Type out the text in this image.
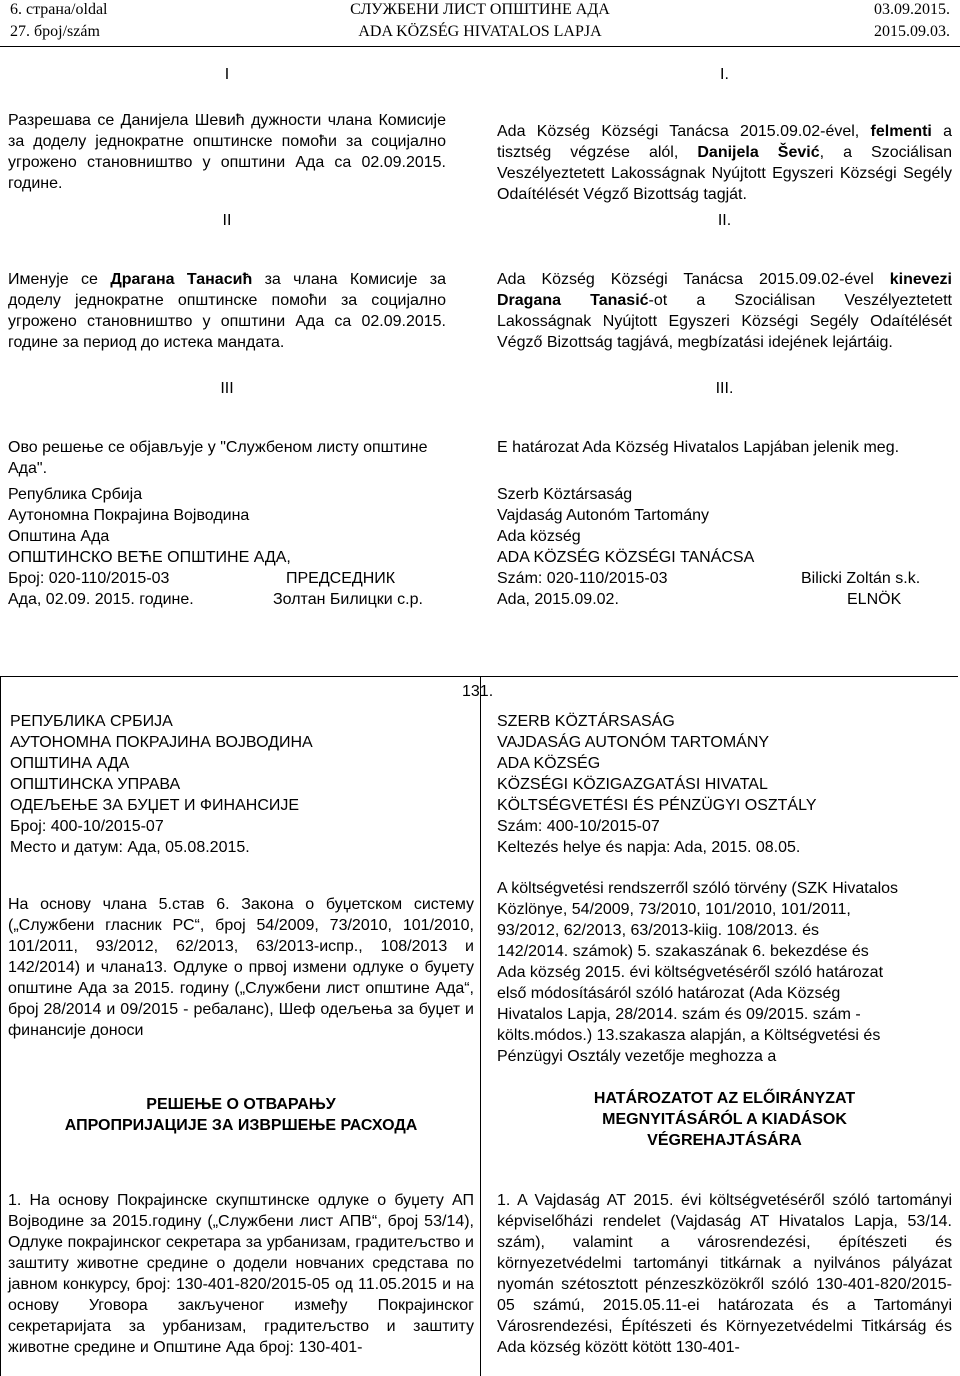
6. страна/oldal
27. број/szám
СЛУЖБЕНИ ЛИСТ ОПШТИНЕ АДА
ADA KÖZSÉG HIVATALOS LAPJA
03.09.2015.
2015.09.03.
I

Разрешава се Данијела Шевић дужности члана Комисије за доделу једнократне општинске помоћи за социјално угрожено становништво у општини Ада са 02.09.2015. године.

II

Именује се Драгана Танасић за члана Комисије за доделу једнократне општинске помоћи за социјално угрожено становништво у општини Ада са 02.09.2015. године за период до истека мандата.

III

Ово решење се објављује у "Службеном листу општине Ада".

Република Србија
Аутономна Покрајина Војводина
Општина Ада
ОПШТИНСКО ВЕЋЕ ОПШТИНЕ АДА,
Број: 020-110/2015-03	ПРЕДСЕДНИК
Ада, 02.09. 2015. године.	Золтан Билицки с.р.
I.

Ada Község Községi Tanácsa 2015.09.02-ével, felmenti a tisztség végzése alól, Danijela Šević, a Szociálisan Veszélyeztetett Lakosságnak Nyújtott Egyszeri Községi Segély Odaítélését Végző Bizottság tagját.

II.

Ada Község Községi Tanácsa 2015.09.02-ével kinevezi Dragana Tanasić-ot a Szociálisan Veszélyeztetett Lakosságnak Nyújtott Egyszeri Községi Segély Odaítélését Végző Bizottság tagjává, megbízatási idejének lejártáig.

III.

E határozat Ada Község Hivatalos Lapjában jelenik meg.

Szerb Köztársaság
Vajdaság Autonóm Tartomány
Ada község
ADA KÖZSÉG KÖZSÉGI TANÁCSA
Szám: 020-110/2015-03	Bilicki Zoltán s.k.
Ada, 2015.09.02.	ELNÖK
131.
РЕПУБЛИКА СРБИЈА
АУТОНОМНА ПОКРАЈИНА ВОЈВОДИНА
ОПШТИНА АДА
ОПШТИНСКА УПРАВА
ОДЕЉЕЊЕ ЗА БУЏЕТ И ФИНАНСИЈЕ
Број: 400-10/2015-07
Место и датум: Ада, 05.08.2015.

На основу члана 5.став 6. Закона о буџетском систему („Службени гласник РС“, број 54/2009, 73/2010, 101/2010, 101/2011, 93/2012, 62/2013, 63/2013-испр., 108/2013 и 142/2014) и члана13. Одлуке о првој измени одлуке о буџету општине Ада за 2015. годину („Службени лист општине Ада“, број 28/2014 и 09/2015 - ребаланс), Шеф одељења за буџет и финансије доноси

РЕШЕЊЕ О ОТВАРАЊУ
АПРОПРИЈАЦИЈЕ ЗА ИЗВРШЕЊЕ РАСХОДА

1. На основу Покрајинске скупштинске одлуке о буџету АП Војводине за 2015.годину („Службени лист АПВ“, број 53/14), Одлуке покрајинског секретара за урбанизам, градитељство и заштиту животне средине о додели новчаних средстава по јавном конкурсу, број: 130-401-820/2015-05 од 11.05.2015 и на основу Уговора закљученог између Покрајинског секретаријата за урбанизам, градитељство и заштиту животне средине и Општине Ада број: 130-401-

SZERB KÖZTÁRSASÁG
VAJDASÁG AUTONÓM TARTOMÁNY
ADA KÖZSÉG
KÖZSÉGI KÖZIGAZGATÁSI HIVATAL
KÖLTSÉGVETÉSI ÉS PÉNZÜGYI OSZTÁLY
Szám: 400-10/2015-07
Keltezés helye és napja: Ada, 2015. 08.05.
A költségvetési rendszerről szóló törvény (SZK Hivatalos
Közlönye, 54/2009, 73/2010, 101/2010, 101/2011,
93/2012, 62/2013, 63/2013-kiig. 108/2013. és
142/2014. számok) 5. szakaszának 6. bekezdése és
Ada község 2015. évi költségvetéséről szóló határozat
első módosításáról szóló határozat (Ada Község
Hivatalos Lapja, 28/2014. szám és 09/2015. szám -
költs.módos.) 13.szakasza alapján, a Költségvetési és
Pénzügyi Osztály vezetője meghozza a
HATÁROZATOT AZ ELŐIRÁNYZAT
MEGNYITÁSÁRÓL A KIADÁSOK
VÉGREHAJTÁSÁRA

1. A Vajdaság AT 2015. évi költségvetéséről szóló tartományi képviselőházi rendelet (Vajdaság AT Hivatalos Lapja, 53/14. szám), valamint a városrendezési, építészeti és környezetvédelmi tartományi titkárnak a nyilvános pályázat nyomán szétosztott pénzeszközökről szóló 130-401-820/2015-05 számú, 2015.05.11-ei határozata és a Tartományi Városrendezési, Építészeti és Környezetvédelmi Titkárság és Ada község között kötött 130-401-
